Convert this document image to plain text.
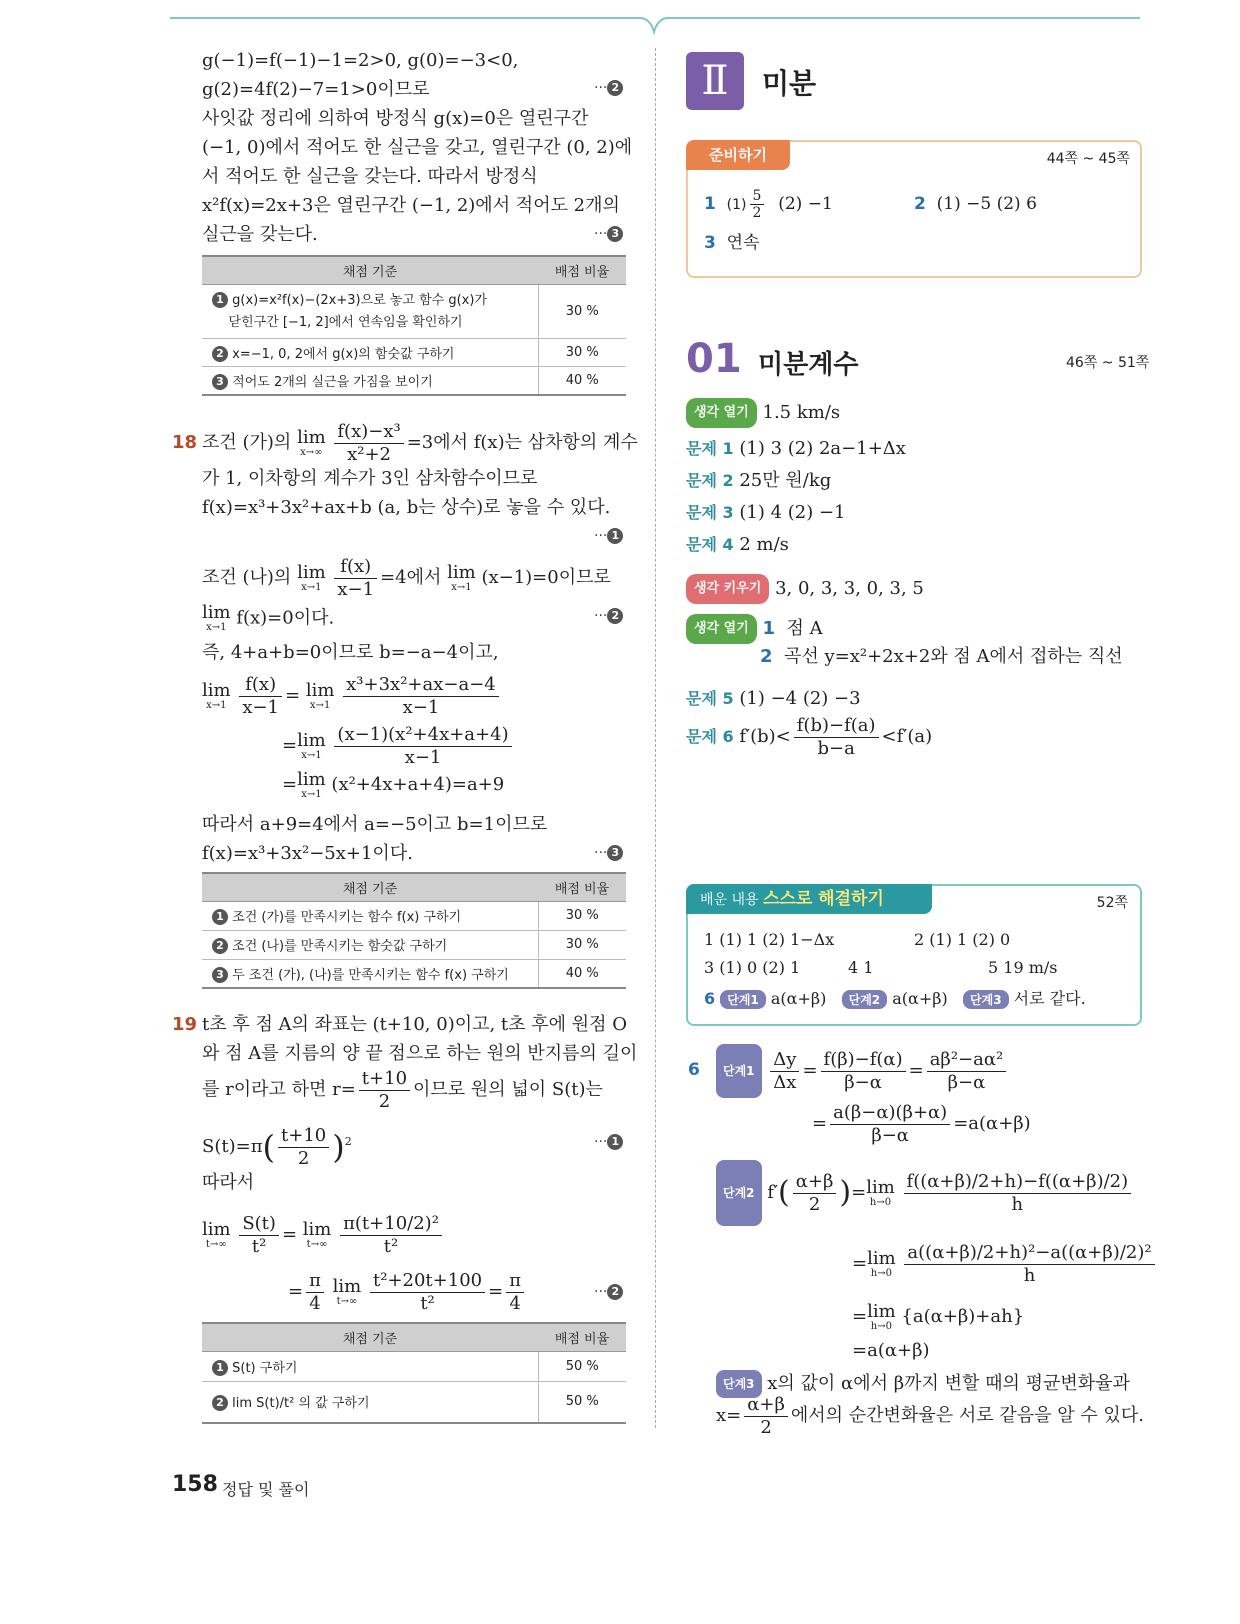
g(−1)=f(−1)−1=2>0, g(0)=−3<0,
g(2)=4f(2)−7=1>0이므로	··· 2
사잇값 정리에 의하여 방정식 g(x)=0은 열린구간
(−1, 0)에서 적어도 한 실근을 갖고, 열린구간 (0, 2)에
서 적어도 한 실근을 갖는다. 따라서 방정식
x²f(x)=2x+3은 열린구간 (−1, 2)에서 적어도 2개의
실근을 갖는다.	··· 3
채점 기준	배점 비율
1 g(x)=x²f(x)−(2x+3)으로 놓고 함수 g(x)가
닫힌구간 [−1, 2]에서 연속임을 확인하기	30 %
2 x=−1, 0, 2에서 g(x)의 함숫값 구하기	30 %
3 적어도 2개의 실근을 가짐을 보이기	40 %
18 조건 (가)의 lim
x→∞
$\frac{\text{f(x)−x³}}{\text{x²+2}} =3$에서 f(x)는 삼차항의 계수
가 1, 이차항의 계수가 3인 삼차함수이므로
f(x)=x³+3x²+ax+b (a, b는 상수)로 놓을 수 있다.
··· 1
조건 (나)의 lim
x→1
$\frac{f(x)}{x-1} =4$에서 lim
x→1 (x−1)=0이므로
lim
x→1 f(x)=0이다.	··· 2
즉, 4+a+b=0이므로 b=−a−4이고,
lim
x→1
$\frac{f(x)}{x-1} = \lim$
x→1
$\frac{\text{x³+3x²+ax−a−4}}{x-1}$
=lim
x→1
$\frac{\text{(x−1)(x²+4x+a+4)}}{x-1}$
=lim
x→1 (x²+4x+a+4)=a+9
따라서 a+9=4에서 a=−5이고 b=1이므로
f(x)=x³+3x²−5x+1이다.	··· 3
채점 기준	배점 비율
1 조건 (가)를 만족시키는 함수 f(x) 구하기	30 %
2 조건 (나)를 만족시키는 함숫값 구하기	30 %
3 두 조건 (가), (나)를 만족시키는 함수 f(x) 구하기	40 %
19 t초 후 점 A의 좌표는 (t+10, 0)이고, t초 후에 원점 O
와 점 A를 지름의 양 끝 점으로 하는 원의 반지름의 길이
를 r이라고 하면 $r= \frac{t+10}{2}$ 이므로 원의 넓이 S(t)는
$S(t)=\pi( \frac{t+10}{2} )^2$	··· 1
따라서
lim
t→∞
$\frac{S(t)}{\text{t²}} = \lim$
t→∞
$\frac{\text{π(t+10/2)²}}{\text{t²}}$
= $\frac{\pi}{4}$ lim
t→∞
$\frac{\text{t²+20t+100}}{\text{t²}} = \frac{\pi}{4}$	··· 2
채점 기준	배점 비율
1 S(t) 구하기	50 %
2 lim S(t)/t² 의 값 구하기	50 %
158 정답 및 풀이
Ⅱ	미분
준비하기	44쪽 ~ 45쪽
1 $(1) \frac{5}{2} (2) -1$	2 (1) −5 (2) 6
3 연속
01 미분계수	46쪽 ~ 51쪽
생각 열기 1.5 km/s
문제 1 (1) 3 (2) 2a−1+Δx
문제 2 25만 원/kg
문제 3 (1) 4 (2) −1
문제 4 2 m/s
생각 키우기 3, 0, 3, 3, 0, 3, 5
생각 열기 1 점 A
2 곡선 y=x²+2x+2와 점 A에서 접하는 직선
문제 5 (1) −4 (2) −3
문제 6 $f'(b)< \frac{f(b)-f(a)}{b-a} <f'(a)$
배운 내용 스스로 해결하기	52쪽
1 (1) 1 (2) 1−Δx	2 (1) 1 (2) 0
3 (1) 0 (2) 1	4 1	5 19 m/s
6 단계1 a(α+β) 단계2 a(α+β) 단계3 서로 같다.
6	단계$1 \frac{\Delta y}{\Delta x} = \frac{f(\beta)-f(\alpha)}{\beta-\alpha} = \frac{\text{aβ²−aα²}}{\beta-\alpha}$
= $\frac{a(\beta-\alpha)(\beta+\alpha)}{\beta-\alpha} =a(\alpha+\beta)$
단계2 $f'( \frac{\alpha+\beta}{2} )=\lim$
h→0
$\frac{f((\alpha+\beta)/2+h)-f((\alpha+\beta)/2)}{h}$
=lim
h→0
$\frac{\text{a((α+β)/2+h)²−a((α+β)/2)²}}{h}$
=lim
h→0 {a(α+β)+ah}
=a(α+β)
단계3 x의 값이 α에서 β까지 변할 때의 평균변화율과
$x= \frac{\alpha+\beta}{2}$ 에서의 순간변화율은 서로 같음을 알 수 있다.
